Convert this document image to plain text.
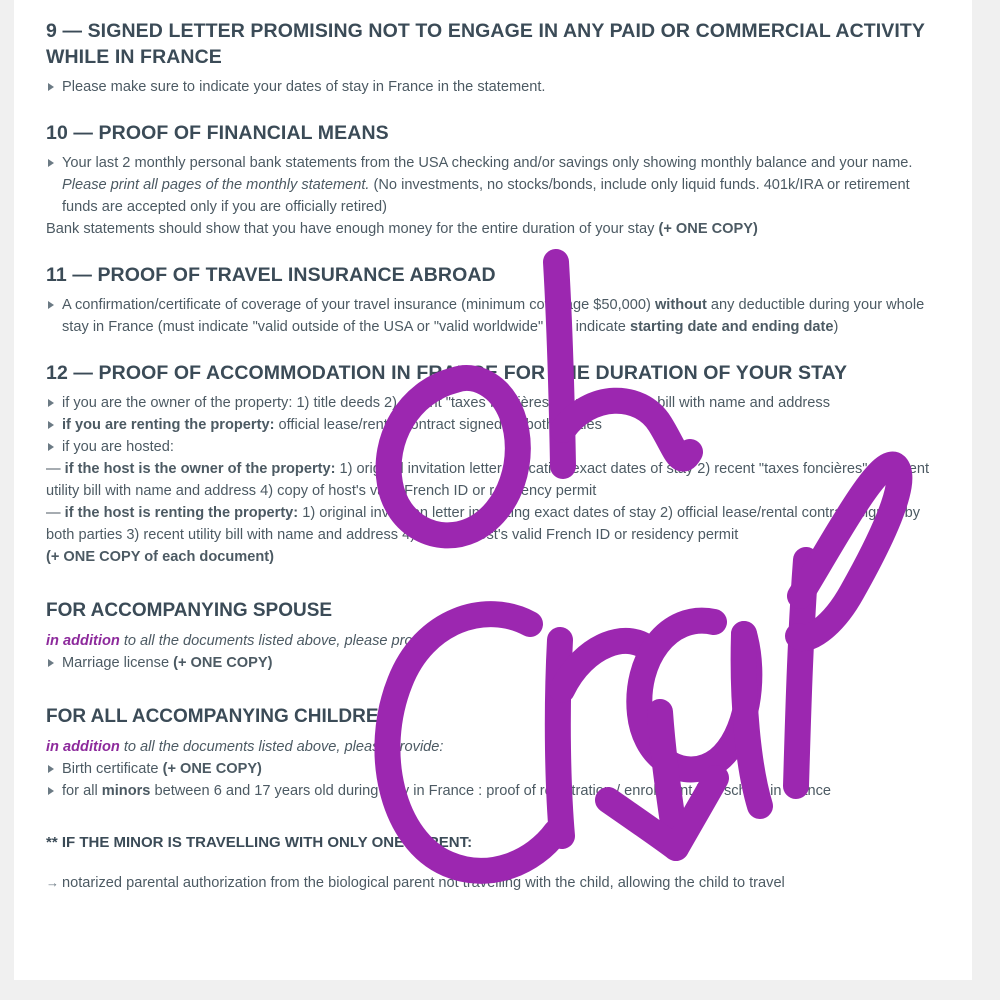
9 — SIGNED LETTER PROMISING NOT TO ENGAGE IN ANY PAID OR COMMERCIAL ACTIVITY WHILE IN FRANCE
Please make sure to indicate your dates of stay in France in the statement.
10 — PROOF OF FINANCIAL MEANS
Your last 2 monthly personal bank statements from the USA checking and/or savings only showing monthly balance and your name. Please print all pages of the monthly statement. (No investments, no stocks/bonds, include only liquid funds. 401k/IRA or retirement funds are accepted only if you are officially retired)
Bank statements should show that you have enough money for the entire duration of your stay (+ ONE COPY)
11 — PROOF OF TRAVEL INSURANCE ABROAD
A confirmation/certificate of coverage of your travel insurance (minimum coverage $50,000) without any deductible during your whole stay in France (must indicate "valid outside of the USA or "valid worldwide" and indicate starting date and ending date)
12 — PROOF OF ACCOMMODATION IN FRANCE FOR THE DURATION OF YOUR STAY
if you are the owner of the property: 1) title deeds 2) recent "taxes foncières" 3) recent utility bill with name and address
if you are renting the property: official lease/rental contract signed by both parties
if you are hosted:
— if the host is the owner of the property: 1) original invitation letter indicating exact dates of stay 2) recent "taxes foncières" 3) recent utility bill with name and address 4) copy of host's valid French ID or residency permit
— if the host is renting the property: 1) original invitation letter indicating exact dates of stay 2) official lease/rental contract signed by both parties 3) recent utility bill with name and address 4) copy of host's valid French ID or residency permit
(+ ONE COPY of each document)
FOR ACCOMPANYING SPOUSE
in addition to all the documents listed above, please provide:
Marriage license (+ ONE COPY)
FOR ALL ACCOMPANYING CHILDREN
in addition to all the documents listed above, please provide:
Birth certificate (+ ONE COPY)
for all minors between 6 and 17 years old during stay in France : proof of registration / enrollment in a school in France
** IF THE MINOR IS TRAVELLING WITH ONLY ONE PARENT:
→ notarized parental authorization from the biological parent not travelling with the child, allowing the child to travel
